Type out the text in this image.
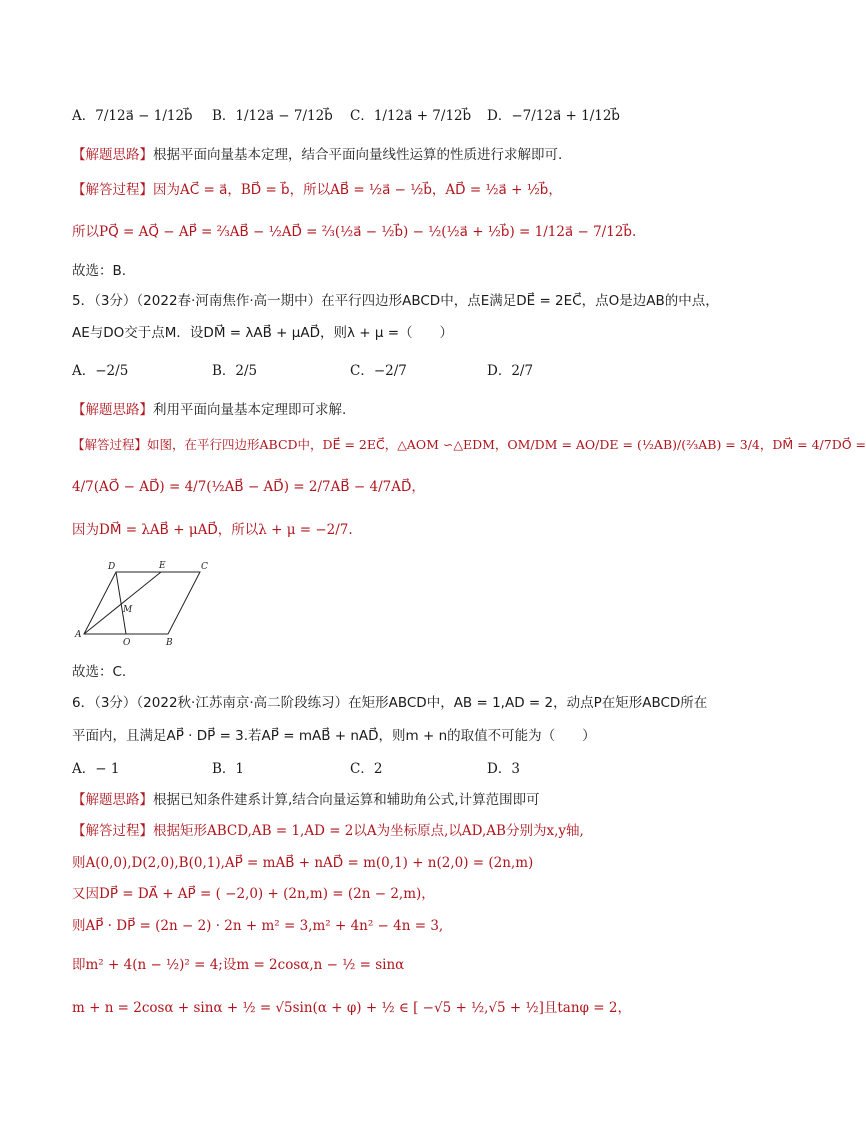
A．7/12a⃗ − 1/12b⃗ B．1/12a⃗ − 7/12b⃗ C．1/12a⃗ + 7/12b⃗ D．−7/12a⃗ + 1/12b⃗
【解题思路】根据平面向量基本定理，结合平面向量线性运算的性质进行求解即可.
【解答过程】因为AC⃗ = a⃗，BD⃗ = b⃗，所以AB⃗ = ½a⃗ − ½b⃗，AD⃗ = ½a⃗ + ½b⃗，
所以PQ⃗ = AQ⃗ − AP⃗ = ⅔AB⃗ − ½AD⃗ = ⅔(½a⃗ − ½b⃗) − ½(½a⃗ + ½b⃗) = 1/12a⃗ − 7/12b⃗.
故选：B.
5．（3分）（2022春·河南焦作·高一期中）在平行四边形ABCD中，点E满足DE⃗ = 2EC⃗，点O是边AB的中点，
AE与DO交于点M．设DM⃗ = λAB⃗ + μAD⃗，则λ + μ =（　　）
A．−2/5	B．2/5	C．−2/7	D．2/7
【解题思路】利用平面向量基本定理即可求解.
【解答过程】如图，在平行四边形ABCD中，DE⃗ = 2EC⃗，△AOM ∽△EDM，OM/DM = AO/DE = (½AB)/(⅔AB) = 3/4，DM⃗ = 4/7DO⃗ =
4/7(AO⃗ − AD⃗) = 4/7(½AB⃗ − AD⃗) = 2/7AB⃗ − 4/7AD⃗，
因为DM⃗ = λAB⃗ + μAD⃗，所以λ + μ = −2/7.
A
B
C
D	E
M
O
故选：C.
6．（3分）（2022秋·江苏南京·高二阶段练习）在矩形ABCD中，AB = 1,AD = 2，动点P在矩形ABCD所在
平面内，且满足AP⃗ · DP⃗ = 3.若AP⃗ = mAB⃗ + nAD⃗，则m + n的取值不可能为（　　）
A．− 1	B．1	C．2	D．3
【解题思路】根据已知条件建系计算,结合向量运算和辅助角公式,计算范围即可
【解答过程】根据矩形ABCD,AB = 1,AD = 2以A为坐标原点,以AD,AB分别为x,y轴,
则A(0,0),D(2,0),B(0,1),AP⃗ = mAB⃗ + nAD⃗ = m(0,1) + n(2,0) = (2n,m)
又因DP⃗ = DA⃗ + AP⃗ = ( −2,0) + (2n,m) = (2n − 2,m)，
则AP⃗ · DP⃗ = (2n − 2) · 2n + m² = 3,m² + 4n² − 4n = 3,
即m² + 4(n − ½)² = 4;设m = 2cosα,n − ½ = sinα
m + n = 2cosα + sinα + ½ = √5sin(α + φ) + ½ ∈ [ −√5 + ½,√5 + ½]且tanφ = 2，
